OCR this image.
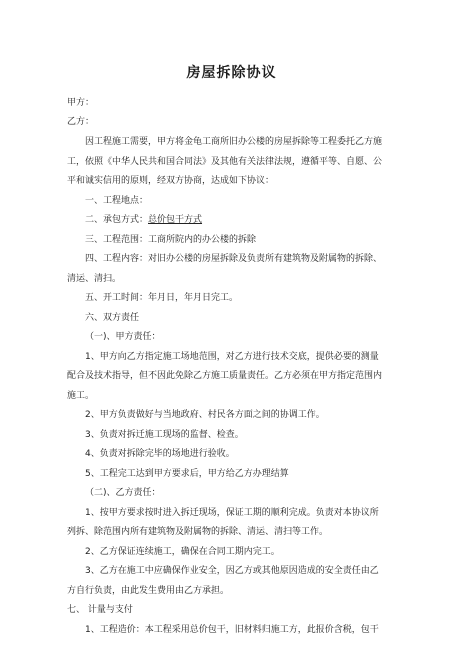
房屋拆除协议
甲方：
乙方：
因工程施工需要，甲方将金龟工商所旧办公楼的房屋拆除等工程委托乙方施
工，依照《中华人民共和国合同法》及其他有关法律法规，遵循平等、自愿、公
平和诚实信用的原则，经双方协商，达成如下协议：
一、工程地点：
二、承包方式：总价包干方式
三、工程范围：工商所院内的办公楼的拆除
四、工程内容：对旧办公楼的房屋拆除及负责所有建筑物及附属物的拆除、
清运、清扫。
五、开工时间：年月日，年月日完工。
六、双方责任
（一)、甲方责任：
1、甲方向乙方指定施工场地范围，对乙方进行技术交底，提供必要的测量
配合及技术指导，但不因此免除乙方施工质量责任。乙方必须在甲方指定范围内
施工。
2、甲方负责做好与当地政府、村民各方面之间的协调工作。
3、负责对拆迁施工现场的监督、检查。
4、负责对拆除完毕的场地进行验收。
5、工程完工达到甲方要求后，甲方给乙方办理结算
（二)、乙方责任：
1、按甲方要求按时进入拆迁现场，保证工期的顺利完成。负责对本协议所
列拆、除范围内所有建筑物及附属物的拆除、清运、清扫等工作。
2、乙方保证连续施工，确保在合同工期内完工。
3、乙方在施工中应确保作业安全，因乙方或其他原因造成的安全责任由乙
方自行负责，由此发生费用由乙方承担。
七、 计量与支付
1、工程造价：本工程采用总价包干，旧材料归施工方，此报价含税，包干
